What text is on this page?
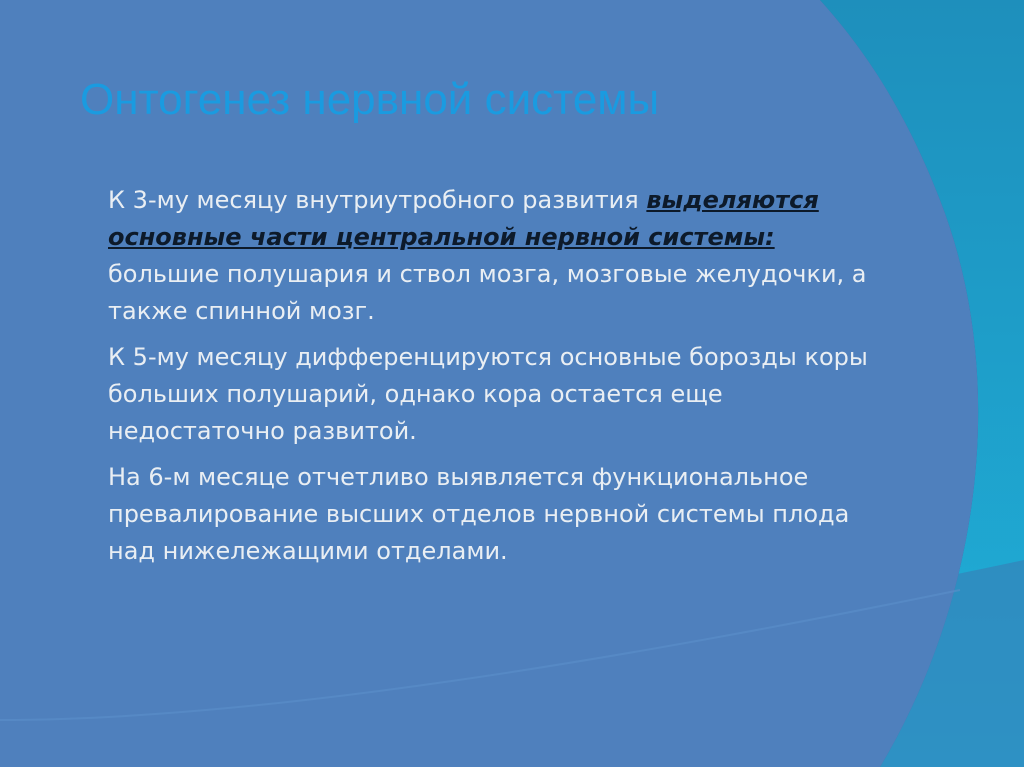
Онтогенез нервной системы

К 3-му месяцу внутриутробного развития выделяются основные части центральной нервной системы: большие полушария и ствол мозга, мозговые желудочки, а также спинной мозг.

К 5-му месяцу дифференцируются основные борозды коры больших полушарий, однако кора остается еще недостаточно развитой.

На 6-м месяце отчетливо выявляется функциональное превалирование высших отделов нервной системы плода над нижележащими отделами.
